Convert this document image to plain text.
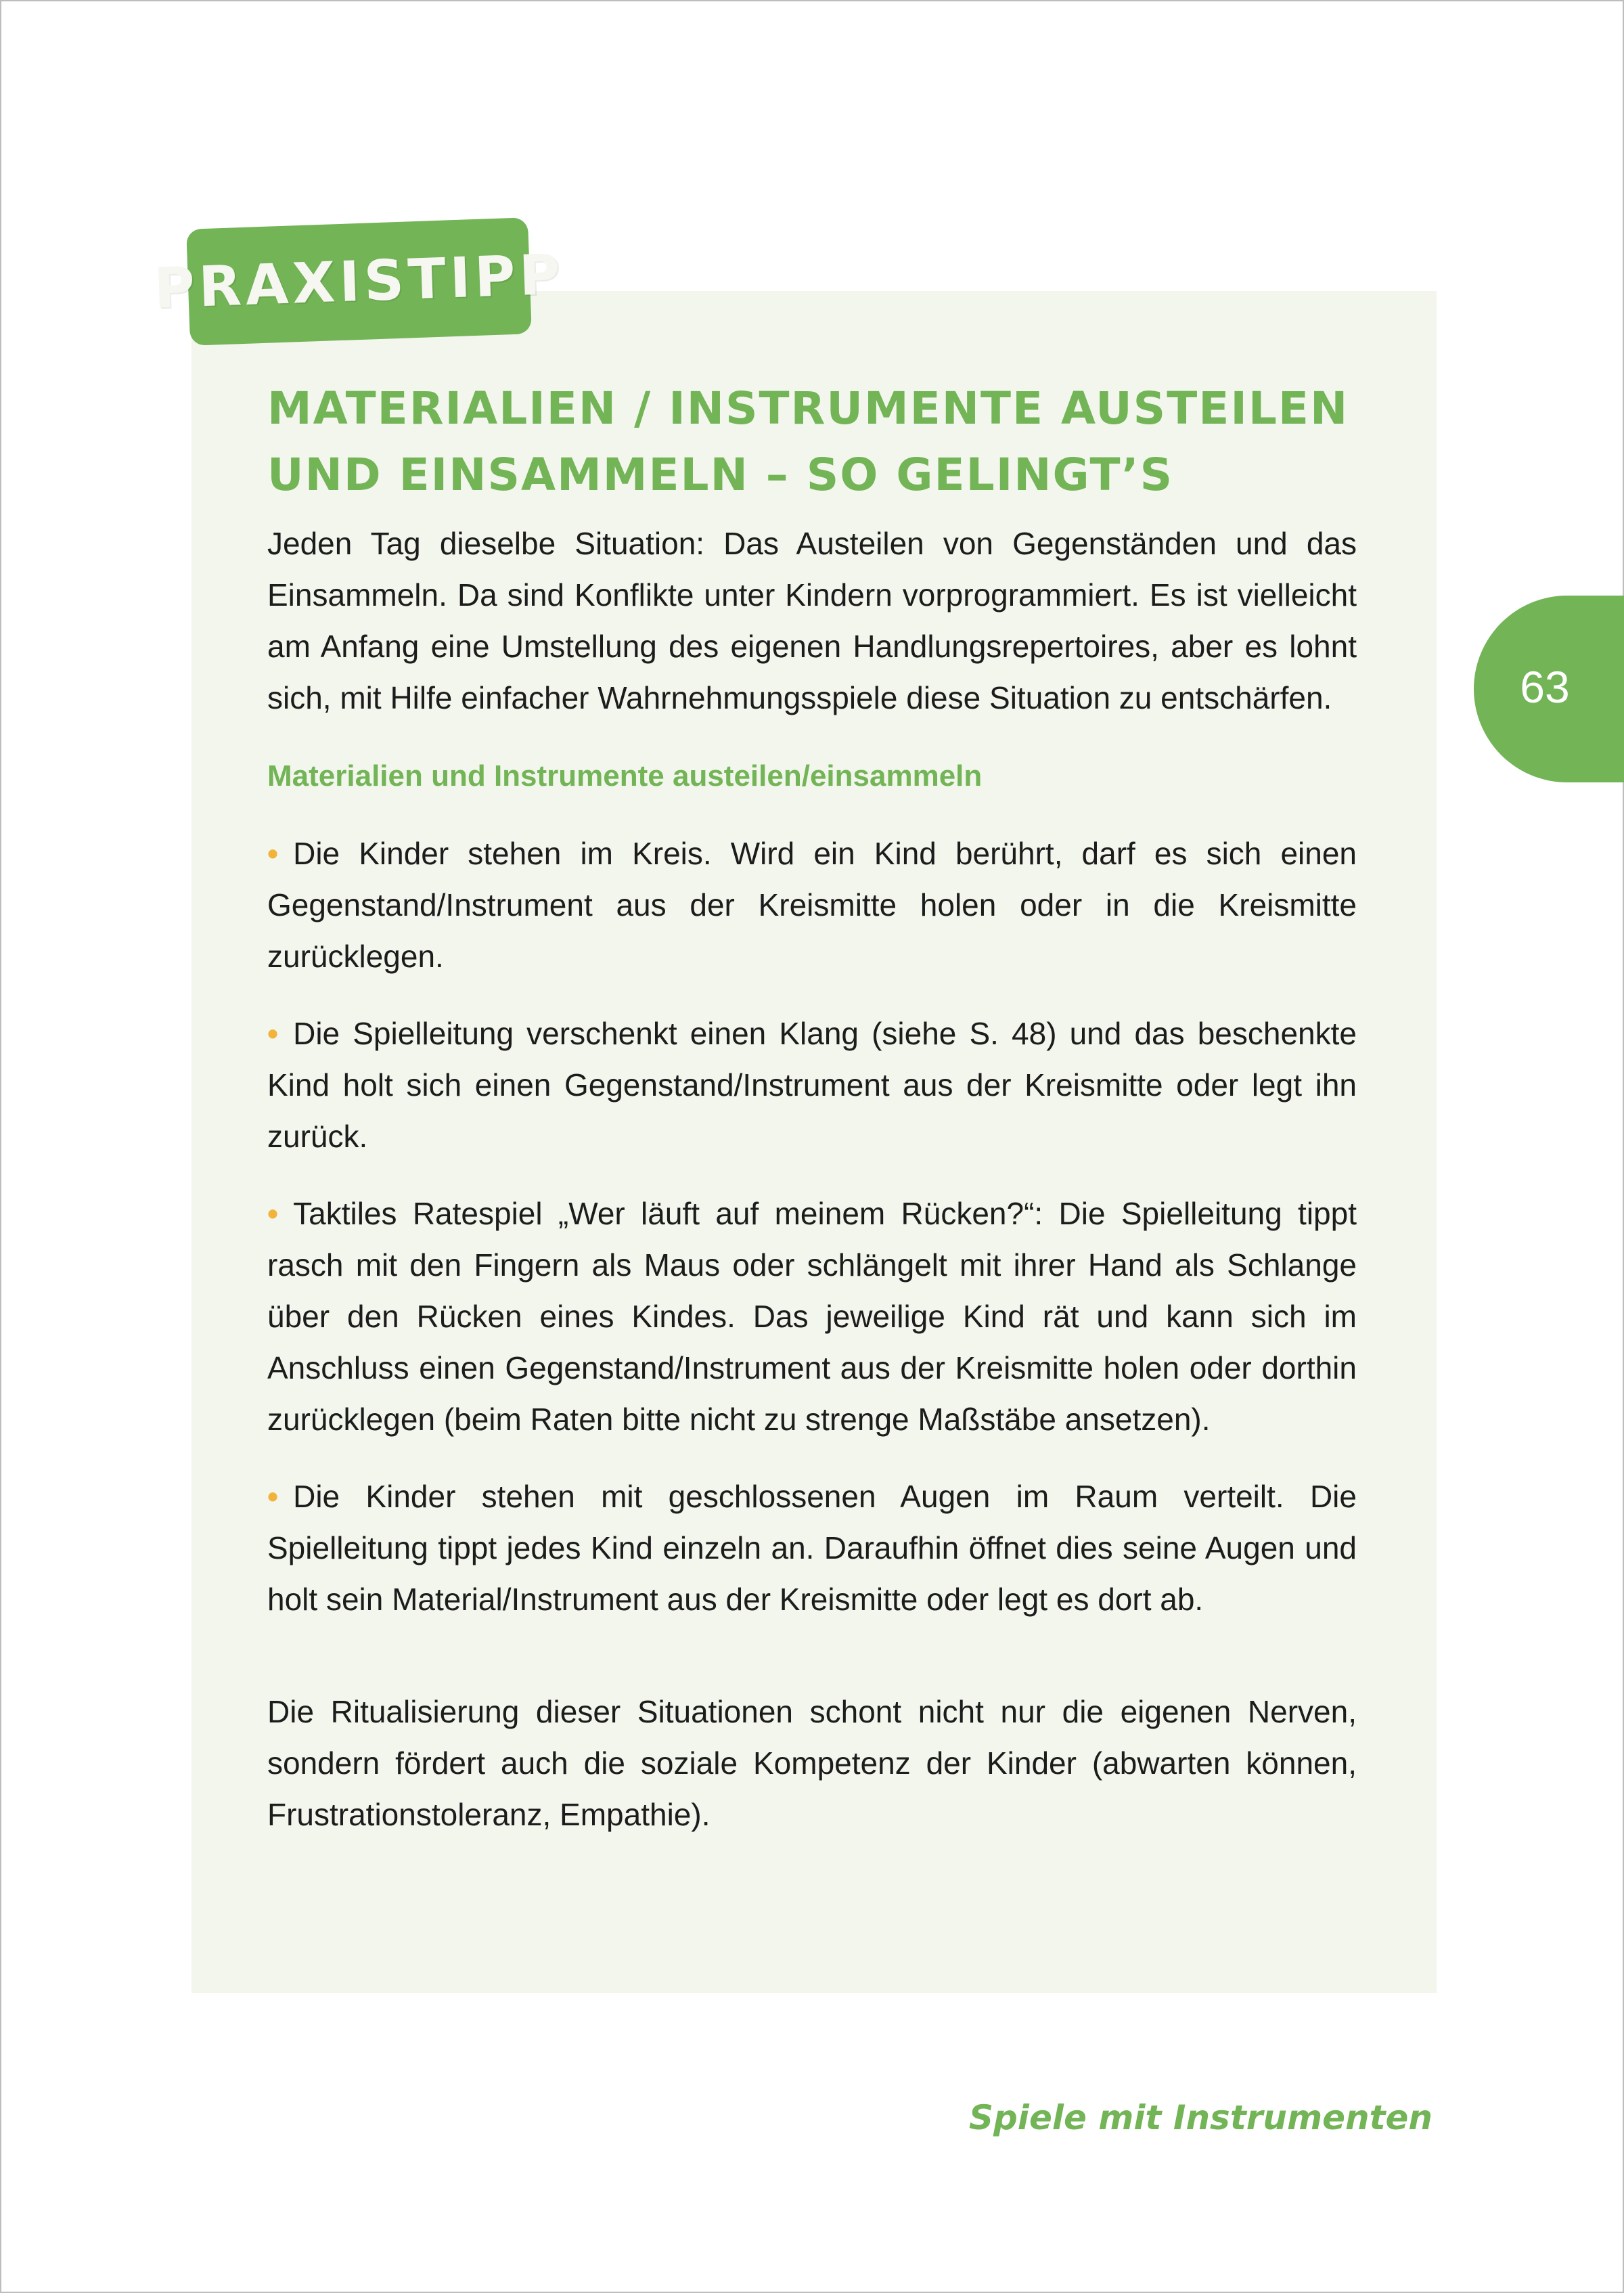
PRAXISTIPP
MATERIALIEN / INSTRUMENTE AUSTEILEN UND EINSAMMELN – SO GELINGT’S

Jeden Tag dieselbe Situation: Das Austeilen von Gegenständen und das Einsammeln. Da sind Konflikte unter Kindern vorprogrammiert. Es ist vielleicht am Anfang eine Umstellung des eigenen Handlungsrepertoires, aber es lohnt sich, mit Hilfe einfacher Wahrnehmungsspiele diese Situation zu entschärfen.

Materialien und Instrumente austeilen/einsammeln
• Die Kinder stehen im Kreis. Wird ein Kind berührt, darf es sich einen Gegenstand/Instrument aus der Kreismitte holen oder in die Kreismitte zurücklegen.
• Die Spielleitung verschenkt einen Klang (siehe S. 48) und das beschenkte Kind holt sich einen Gegenstand/Instrument aus der Kreismitte oder legt ihn zurück.
• Taktiles Ratespiel „Wer läuft auf meinem Rücken?“: Die Spielleitung tippt rasch mit den Fingern als Maus oder schlängelt mit ihrer Hand als Schlange über den Rücken eines Kindes. Das jeweilige Kind rät und kann sich im Anschluss einen Gegenstand/Instrument aus der Kreismitte holen oder dorthin zurücklegen (beim Raten bitte nicht zu strenge Maßstäbe ansetzen).
• Die Kinder stehen mit geschlossenen Augen im Raum verteilt. Die Spielleitung tippt jedes Kind einzeln an. Daraufhin öffnet dies seine Augen und holt sein Material/Instrument aus der Kreismitte oder legt es dort ab.

Die Ritualisierung dieser Situationen schont nicht nur die eigenen Nerven, sondern fördert auch die soziale Kompetenz der Kinder (abwarten können, Frustrationstoleranz, Empathie).

63
Spiele mit Instrumenten
